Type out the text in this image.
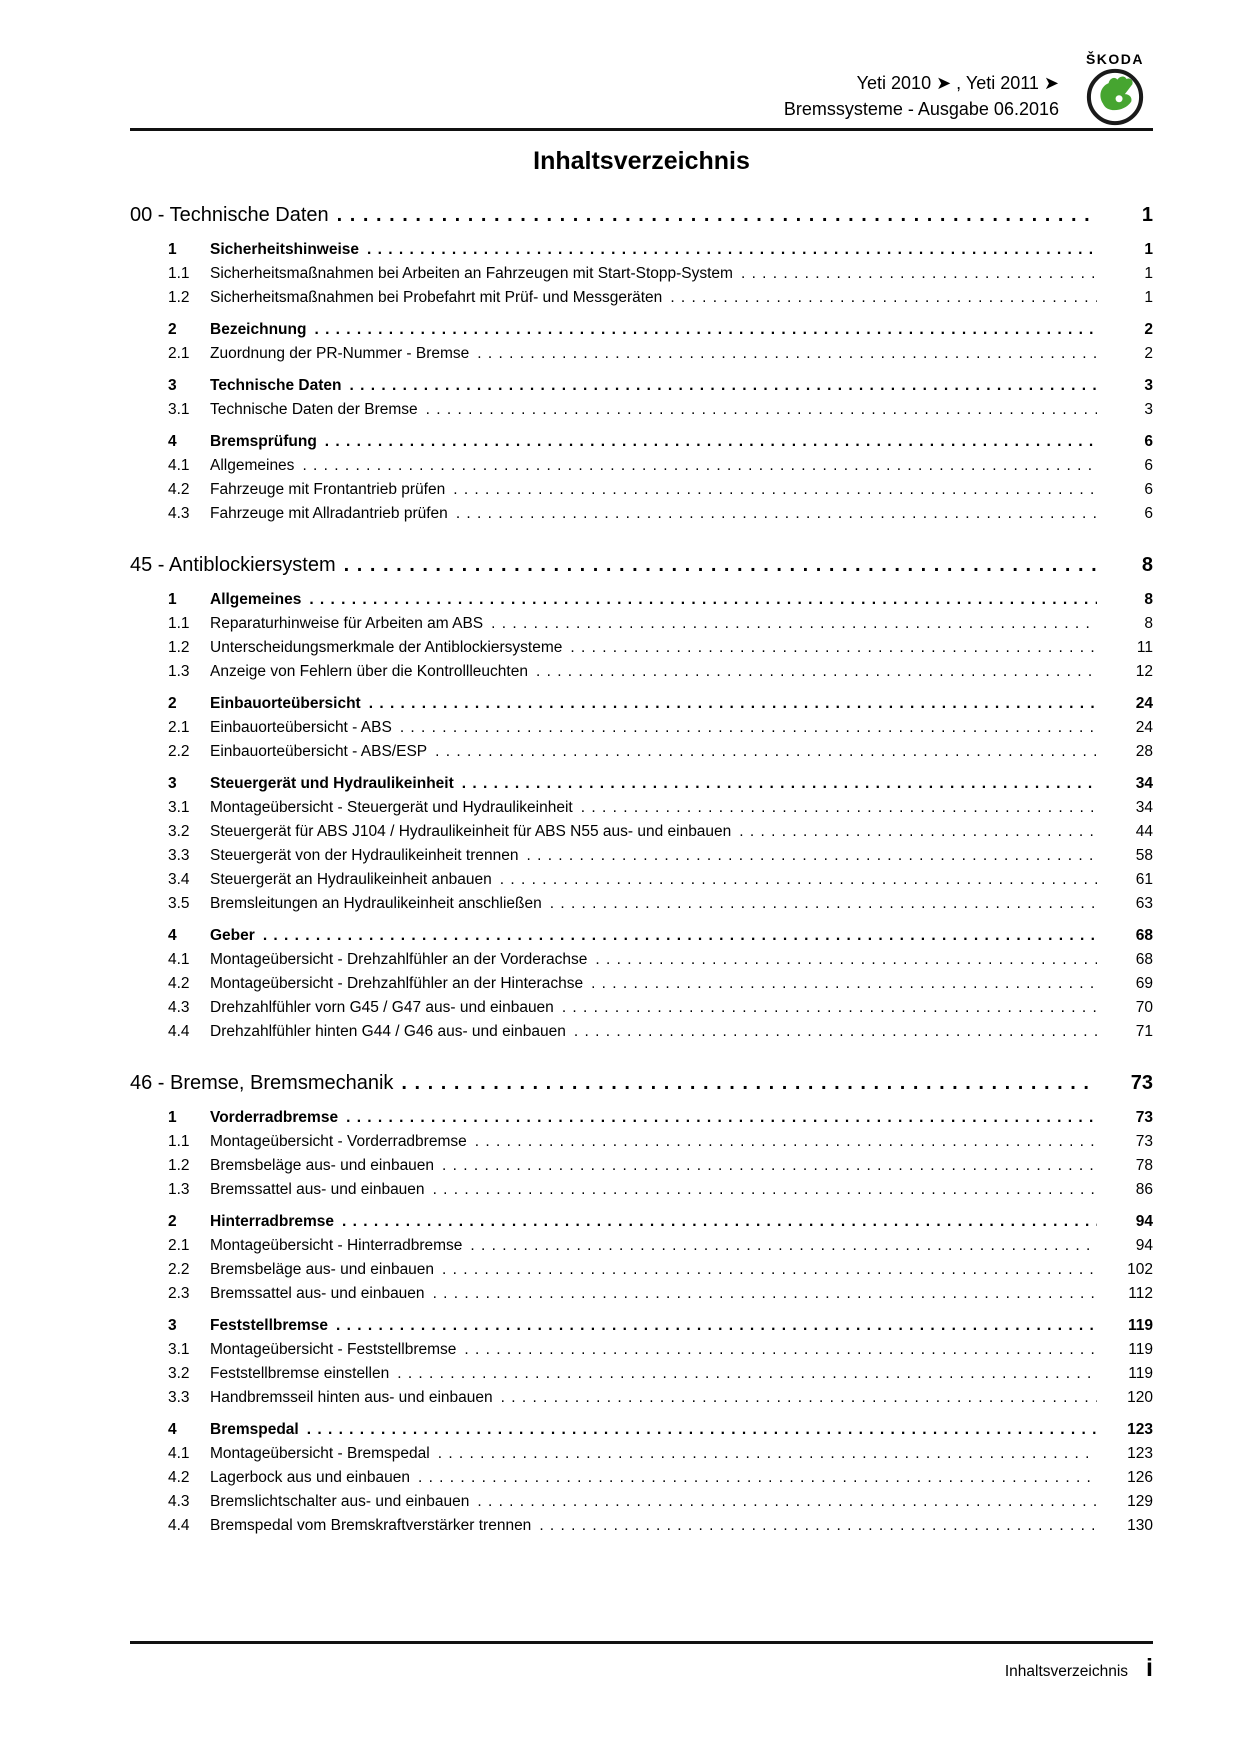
Yeti 2010 ➤ , Yeti 2011 ➤
Bremssysteme - Ausgabe 06.2016
ŠKODA
Inhaltsverzeichnis
00 - Technische Daten . . .	1
1	Sicherheitshinweise . . .	1
1.1	Sicherheitsmaßnahmen bei Arbeiten an Fahrzeugen mit Start-Stopp-System . . .	1
1.2	Sicherheitsmaßnahmen bei Probefahrt mit Prüf- und Messgeräten . . .	1
2	Bezeichnung . . .	2
2.1	Zuordnung der PR-Nummer - Bremse . . .	2
3	Technische Daten . . .	3
3.1	Technische Daten der Bremse . . .	3
4	Bremsprüfung . . .	6
4.1	Allgemeines . . .	6
4.2	Fahrzeuge mit Frontantrieb prüfen . . .	6
4.3	Fahrzeuge mit Allradantrieb prüfen . . .	6
45 - Antiblockiersystem . . .	8
1	Allgemeines . . .	8
1.1	Reparaturhinweise für Arbeiten am ABS . . .	8
1.2	Unterscheidungsmerkmale der Antiblockiersysteme . . .	11
1.3	Anzeige von Fehlern über die Kontrollleuchten . . .	12
2	Einbauorteübersicht . . .	24
2.1	Einbauorteübersicht - ABS . . .	24
2.2	Einbauorteübersicht - ABS/ESP . . .	28
3	Steuergerät und Hydraulikeinheit . . .	34
3.1	Montageübersicht - Steuergerät und Hydraulikeinheit . . .	34
3.2	Steuergerät für ABS J104 / Hydraulikeinheit für ABS N55 aus- und einbauen . . .	44
3.3	Steuergerät von der Hydraulikeinheit trennen . . .	58
3.4	Steuergerät an Hydraulikeinheit anbauen . . .	61
3.5	Bremsleitungen an Hydraulikeinheit anschließen . . .	63
4	Geber . . .	68
4.1	Montageübersicht - Drehzahlfühler an der Vorderachse . . .	68
4.2	Montageübersicht - Drehzahlfühler an der Hinterachse . . .	69
4.3	Drehzahlfühler vorn G45 / G47 aus- und einbauen . . .	70
4.4	Drehzahlfühler hinten G44 / G46 aus- und einbauen . . .	71
46 - Bremse, Bremsmechanik . . .	73
1	Vorderradbremse . . .	73
1.1	Montageübersicht - Vorderradbremse . . .	73
1.2	Bremsbeläge aus- und einbauen . . .	78
1.3	Bremssattel aus- und einbauen . . .	86
2	Hinterradbremse . . .	94
2.1	Montageübersicht - Hinterradbremse . . .	94
2.2	Bremsbeläge aus- und einbauen . . .	102
2.3	Bremssattel aus- und einbauen . . .	112
3	Feststellbremse . . .	119
3.1	Montageübersicht - Feststellbremse . . .	119
3.2	Feststellbremse einstellen . . .	119
3.3	Handbremsseil hinten aus- und einbauen . . .	120
4	Bremspedal . . .	123
4.1	Montageübersicht - Bremspedal . . .	123
4.2	Lagerbock aus und einbauen . . .	126
4.3	Bremslichtschalter aus- und einbauen . . .	129
4.4	Bremspedal vom Bremskraftverstärker trennen . . .	130
Inhaltsverzeichnis i
